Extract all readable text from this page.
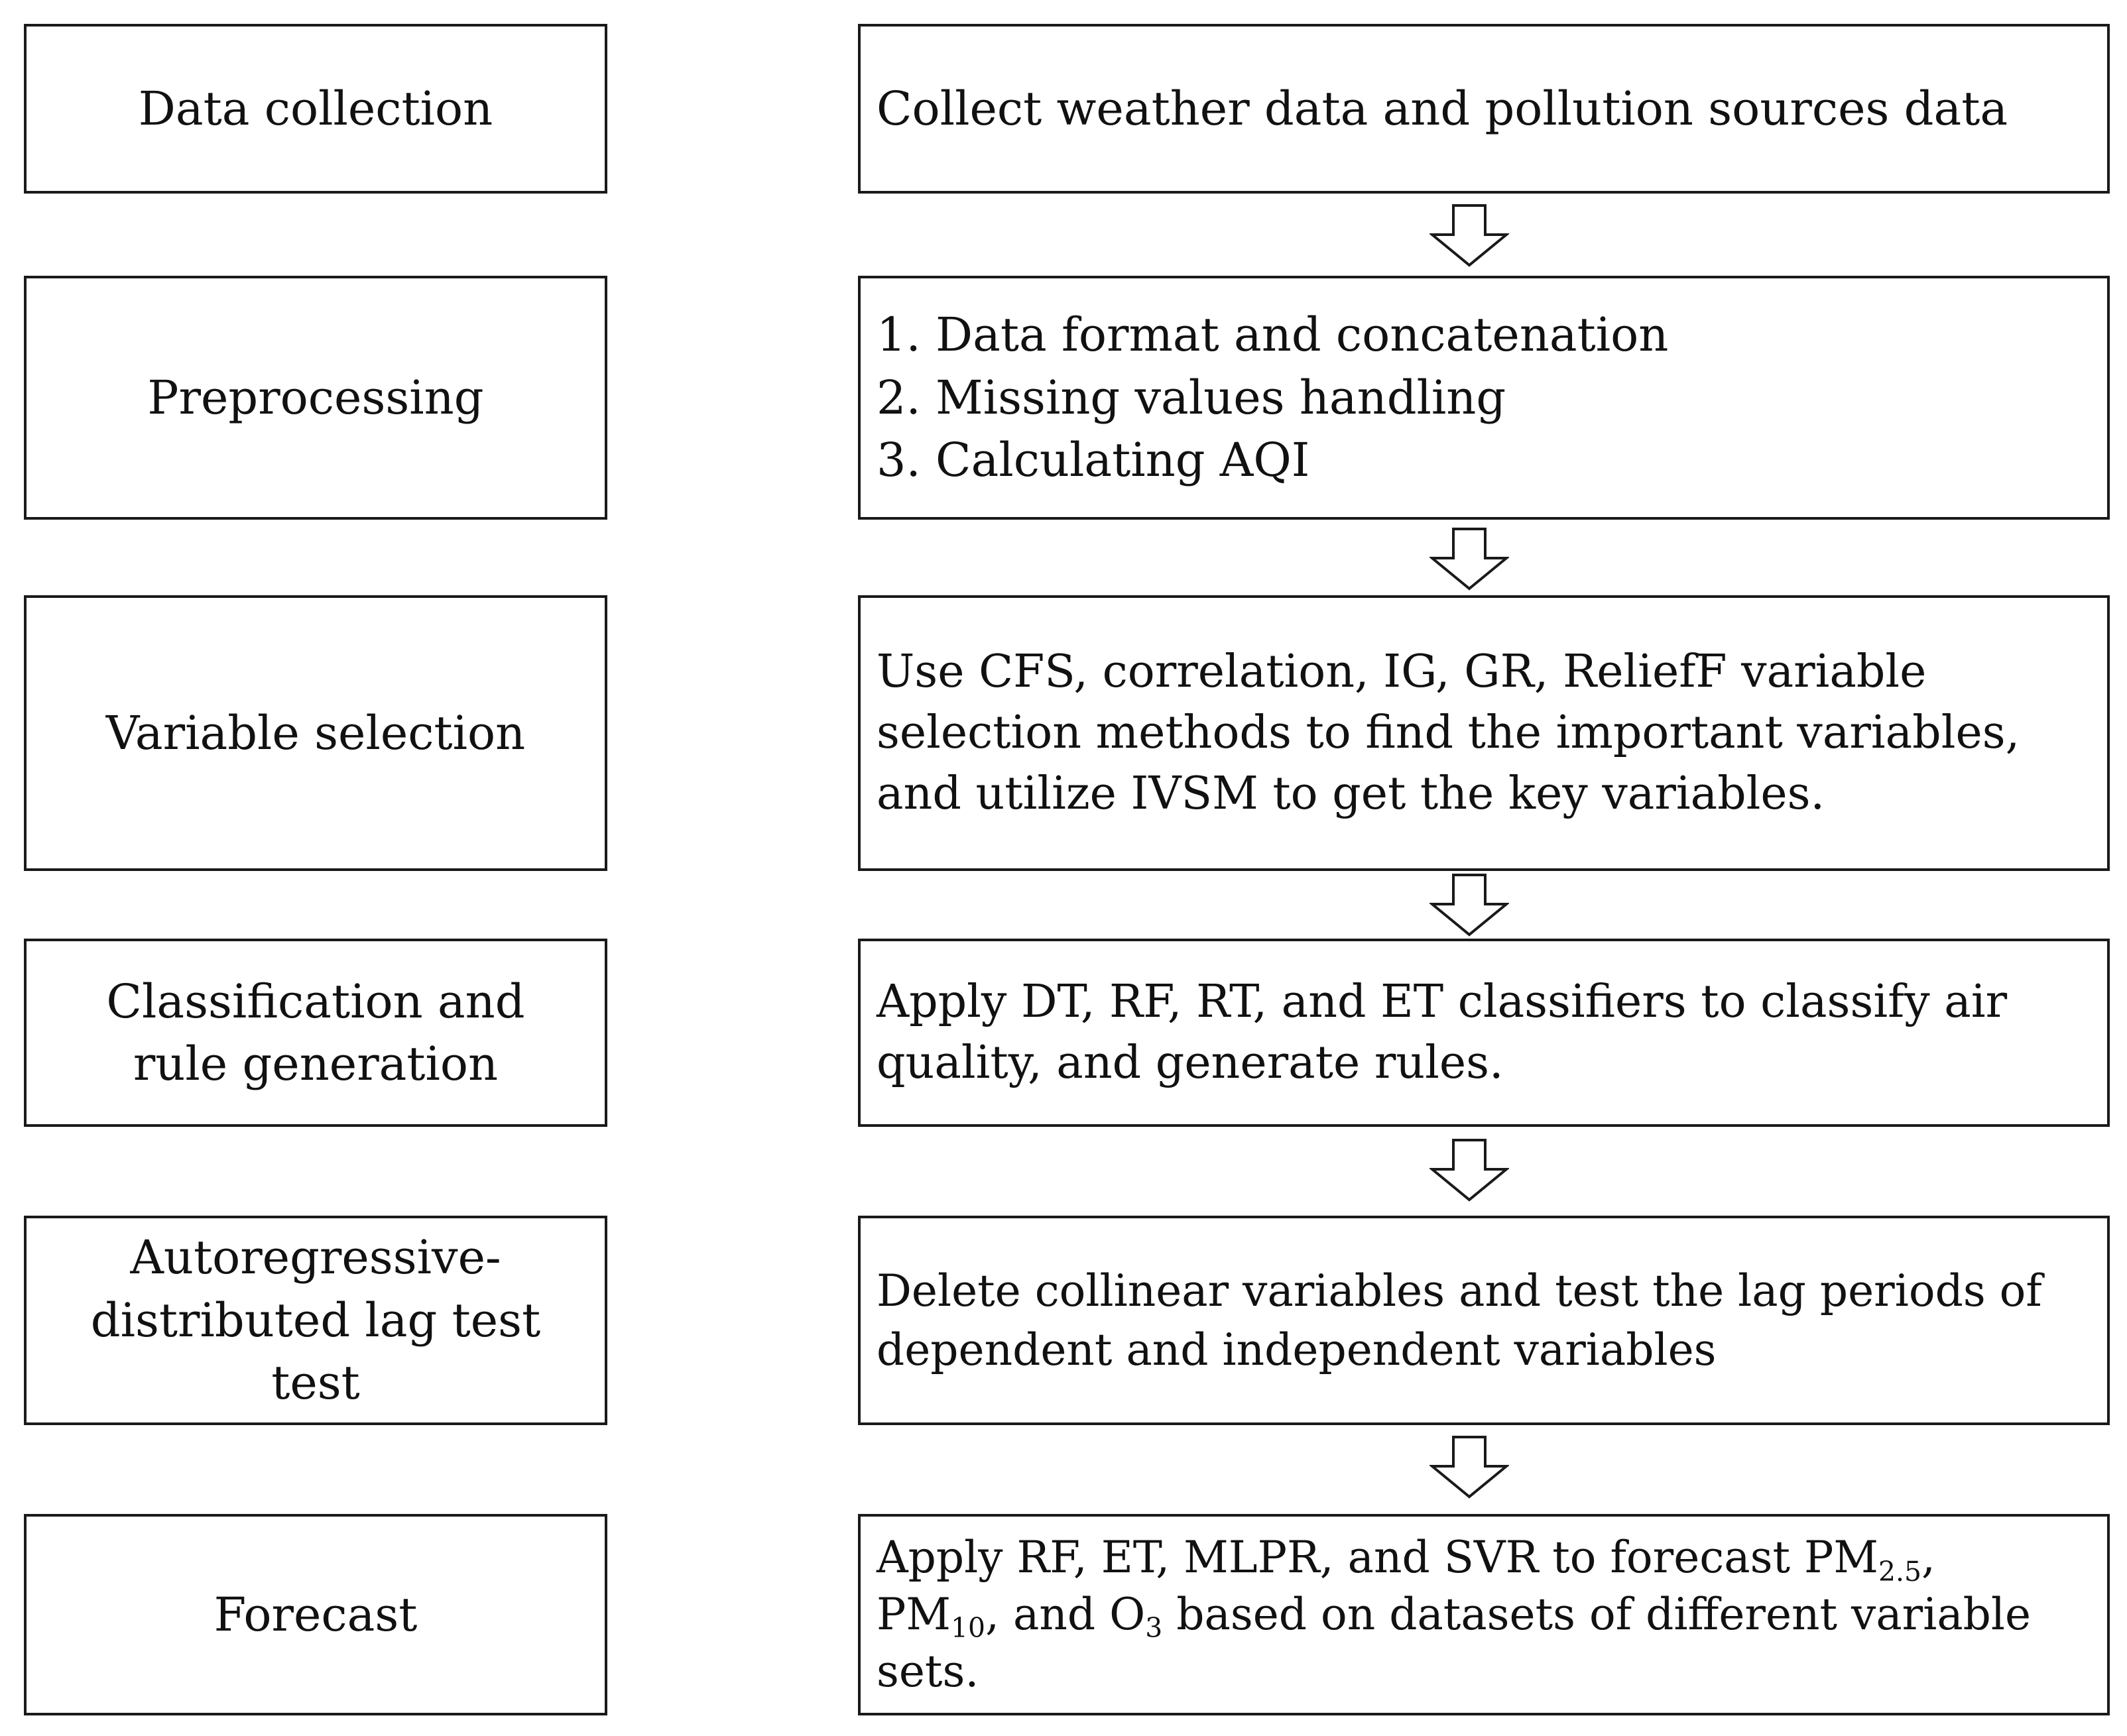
Data collection
Preprocessing
Variable selection
Classification and rule generation
Autoregressive-distributed lag test test
Forecast
Collect weather data and pollution sources data
1. Data format and concatenation
2. Missing values handling
3. Calculating AQI
Use CFS, correlation, IG, GR, ReliefF variable
selection methods to find the important variables,
and utilize IVSM to get the key variables.
Apply DT, RF, RT, and ET classifiers to classify air
quality, and generate rules.
Delete collinear variables and test the lag periods of
dependent and independent variables
Apply RF, ET, MLPR, and SVR to forecast $PM_{2.5}$,
$PM_{10}$, and $O_3$ based on datasets of different variable
sets.
